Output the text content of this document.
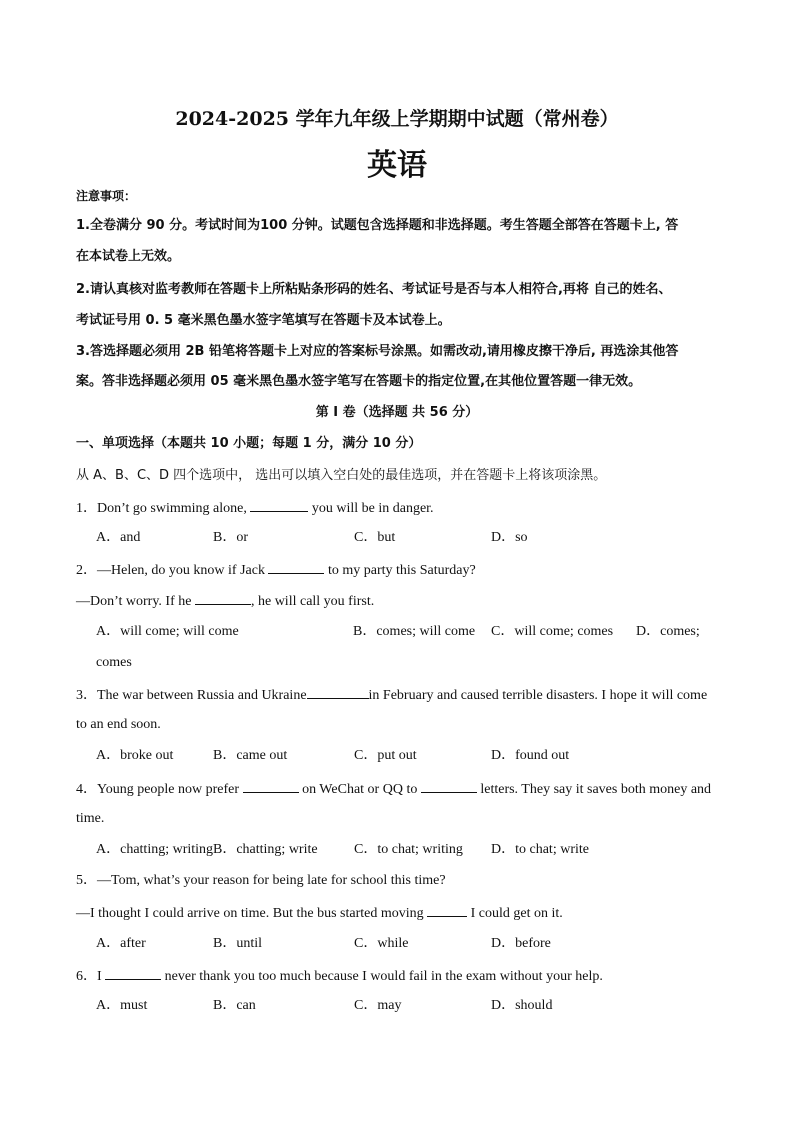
2024-2025 学年九年级上学期期中试题（常州卷）
英语
注意事项：
1.全卷满分 90 分。考试时间为100 分钟。试题包含选择题和非选择题。考生答题全部答在答题卡上, 答
在本试卷上无效。
2.请认真核对监考教师在答题卡上所粘贴条形码的姓名、考试证号是否与本人相符合,再将 自己的姓名、
考试证号用 0. 5 毫米黑色墨水签字笔填写在答题卡及本试卷上。
3.答选择题必须用 2B 铅笔将答题卡上对应的答案标号涂黑。如需改动,请用橡皮擦干净后, 再选涂其他答
案。答非选择题必须用 05 毫米黑色墨水签字笔写在答题卡的指定位置,在其他位置答题一律无效。
第 I 卷（选择题 共 56 分）
一、单项选择（本题共 10 小题；每题 1 分，满分 10 分）
从 A、B、C、D 四个选项中， 选出可以填入空白处的最佳选项，并在答题卡上将该项涂黑。
1．Don’t go swimming alone,	you will be in danger.
A．and	B．or	C．but	D．so
2．—Helen, do you know if Jack	to my party this Saturday?
—Don’t worry. If he	, he will call you first.
A．will come; will come	B．comes; will come C．will come; comes D．comes;
comes
3．The war between Russia and Ukraine	in February and caused terrible disasters. I hope it will come
to an end soon.
A．broke out	B．came out	C．put out	D．found out
4．Young people now prefer	on WeChat or QQ to	letters. They say it saves both money and
time.
A．chatting; writing B．chatting; write	C．to chat; writing D．to chat; write
5．—Tom, what’s your reason for being late for school this time?
—I thought I could arrive on time. But the bus started moving	I could get on it.
A．after	B．until	C．while	D．before
6．I	never thank you too much because I would fail in the exam without your help.
A．must	B．can	C．may	D．should
